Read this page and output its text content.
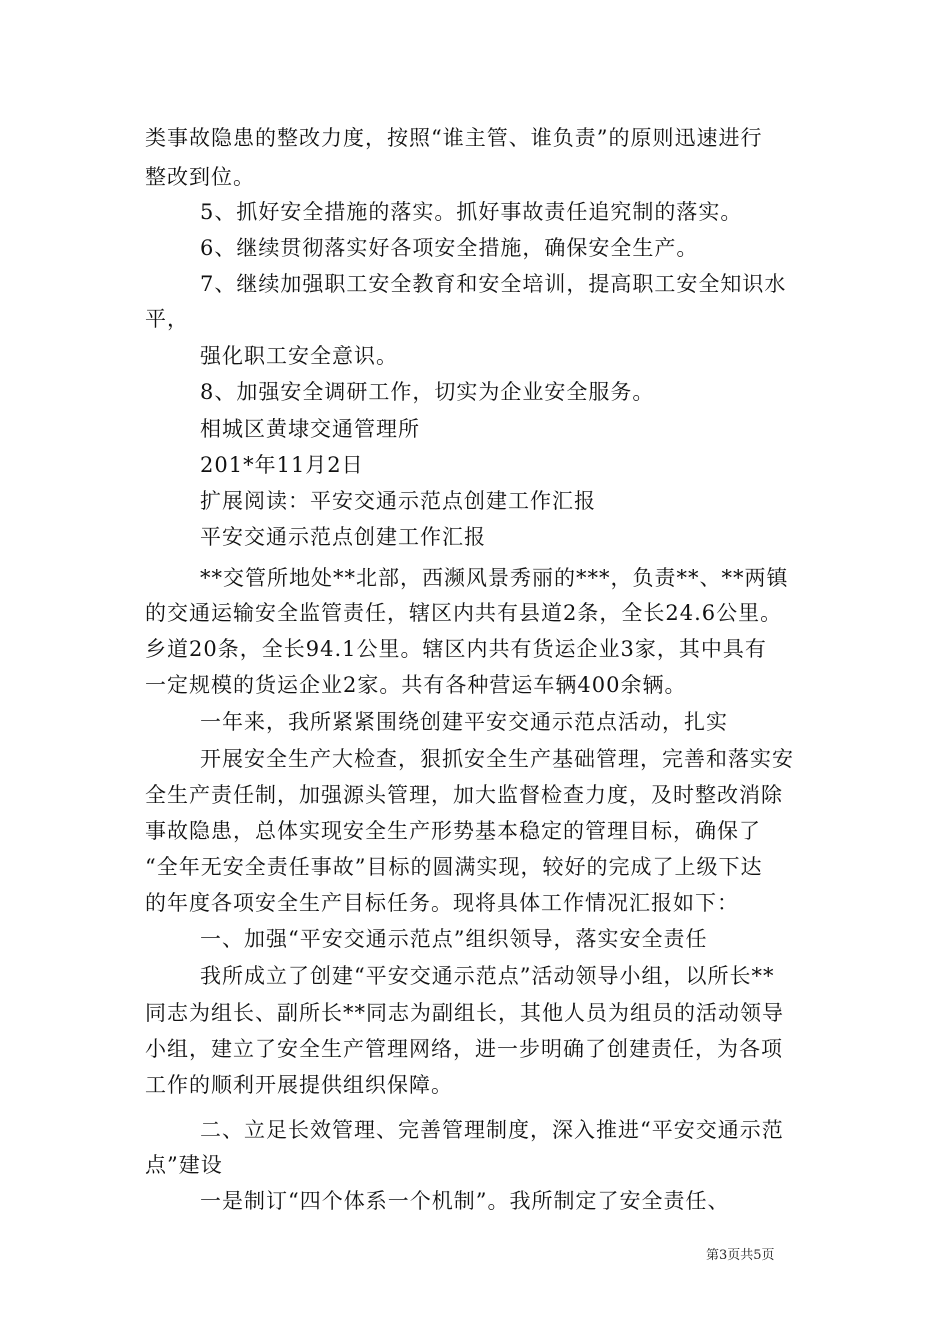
类事故隐患的整改力度，按照“谁主管、谁负责”的原则迅速进行
整改到位。
5、抓好安全措施的落实。抓好事故责任追究制的落实。
6、继续贯彻落实好各项安全措施，确保安全生产。
7、继续加强职工安全教育和安全培训，提高职工安全知识水
平，
强化职工安全意识。
8、加强安全调研工作，切实为企业安全服务。
相城区黄埭交通管理所
201*年11月2日
扩展阅读：平安交通示范点创建工作汇报
平安交通示范点创建工作汇报
**交管所地处**北部，西濒风景秀丽的***，负责**、**两镇
的交通运输安全监管责任，辖区内共有县道2条，全长24.6公里。
乡道20条，全长94.1公里。辖区内共有货运企业3家，其中具有
一定规模的货运企业2家。共有各种营运车辆400余辆。
一年来，我所紧紧围绕创建平安交通示范点活动，扎实
开展安全生产大检查，狠抓安全生产基础管理，完善和落实安
全生产责任制，加强源头管理，加大监督检查力度，及时整改消除
事故隐患，总体实现安全生产形势基本稳定的管理目标，确保了
“全年无安全责任事故”目标的圆满实现，较好的完成了上级下达
的年度各项安全生产目标任务。现将具体工作情况汇报如下：
一、加强“平安交通示范点”组织领导，落实安全责任
我所成立了创建“平安交通示范点”活动领导小组，以所长**
同志为组长、副所长**同志为副组长，其他人员为组员的活动领导
小组，建立了安全生产管理网络，进一步明确了创建责任，为各项
工作的顺利开展提供组织保障。
二、立足长效管理、完善管理制度，深入推进“平安交通示范
点”建设
一是制订“四个体系一个机制”。我所制定了安全责任、
第3页共5页
